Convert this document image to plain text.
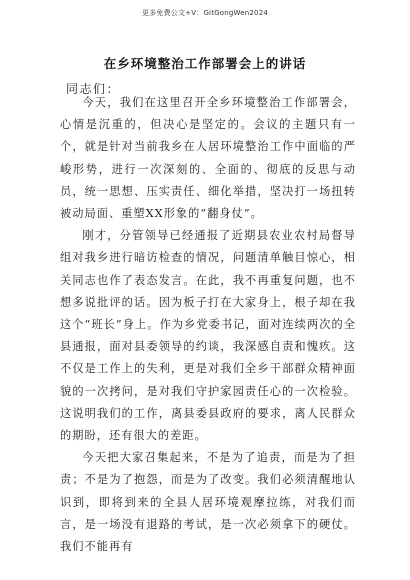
更多免费公文+V：GitGongWen2024
在乡环境整治工作部署会上的讲话
同志们：

今天，我们在这里召开全乡环境整治工作部署会，心情是沉重的，但决心是坚定的。会议的主题只有一个，就是针对当前我乡在人居环境整治工作中面临的严峻形势，进行一次深刻的、全面的、彻底的反思与动员，统一思想、压实责任、细化举措，坚决打一场扭转被动局面、重塑XX形象的“翻身仗”。

刚才，分管领导已经通报了近期县农业农村局督导组对我乡进行暗访检查的情况，问题清单触目惊心，相关同志也作了表态发言。在此，我不再重复问题，也不想多说批评的话。因为板子打在大家身上，根子却在我这个“班长”身上。作为乡党委书记，面对连续两次的全县通报，面对县委领导的约谈，我深感自责和愧疚。这不仅是工作上的失利，更是对我们全乡干部群众精神面貌的一次拷问，是对我们守护家园责任心的一次检验。这说明我们的工作，离县委县政府的要求，离人民群众的期盼，还有很大的差距。

今天把大家召集起来，不是为了追责，而是为了担责；不是为了抱怨，而是为了改变。我们必须清醒地认识到，即将到来的全县人居环境观摩拉练，对我们而言，是一场没有退路的考试，是一次必须拿下的硬仗。我们不能再有
